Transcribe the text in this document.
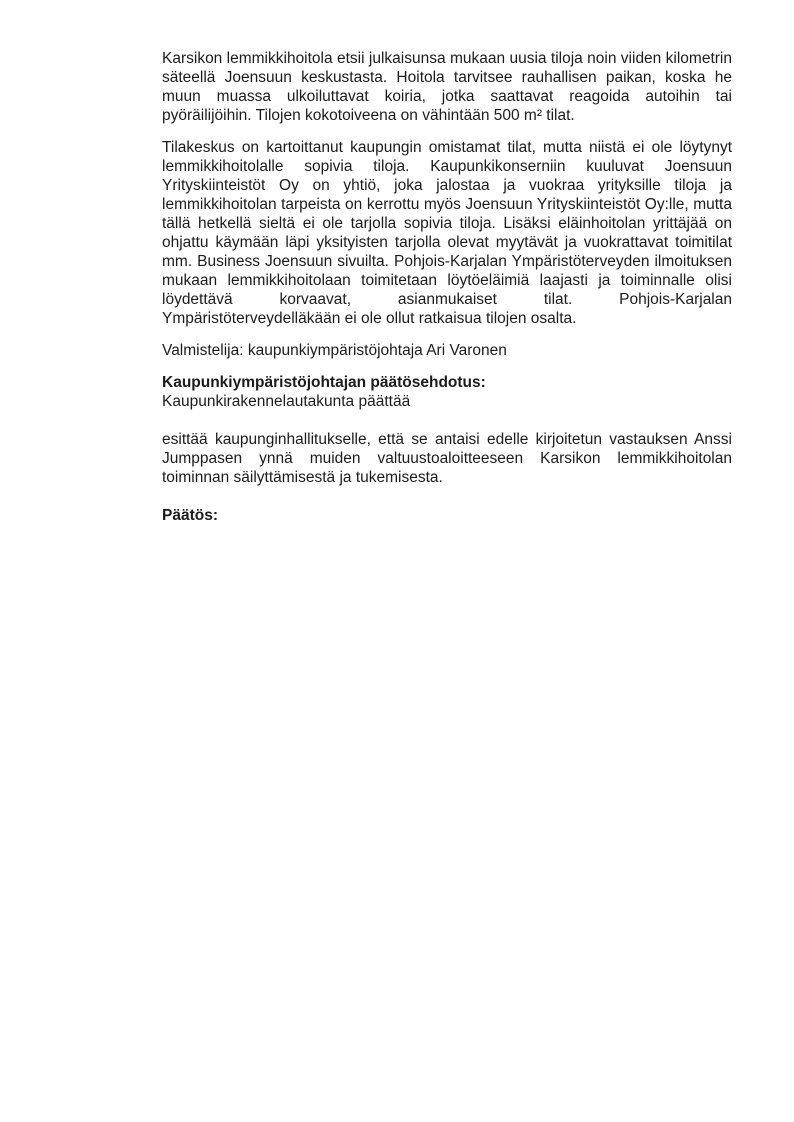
Karsikon lemmikkihoitola etsii julkaisunsa mukaan uusia tiloja noin viiden kilometrin säteellä Joensuun keskustasta. Hoitola tarvitsee rauhallisen paikan, koska he muun muassa ulkoiluttavat koiria, jotka saattavat reagoida autoihin tai pyöräilijöihin. Tilojen kokotoiveena on vähintään 500 m² tilat.

Tilakeskus on kartoittanut kaupungin omistamat tilat, mutta niistä ei ole löytynyt lemmikkihoitolalle sopivia tiloja. Kaupunkikonserniin kuuluvat Joensuun Yrityskiinteistöt Oy on yhtiö, joka jalostaa ja vuokraa yrityksille tiloja ja lemmikkihoitolan tarpeista on kerrottu myös Joensuun Yrityskiinteistöt Oy:lle, mutta tällä hetkellä sieltä ei ole tarjolla sopivia tiloja. Lisäksi eläinhoitolan yrittäjää on ohjattu käymään läpi yksityisten tarjolla olevat myytävät ja vuokrattavat toimitilat mm. Business Joensuun sivuilta. Pohjois-Karjalan Ympäristöterveyden ilmoituksen mukaan lemmikkihoitolaan toimitetaan löytöeläimiä laajasti ja toiminnalle olisi löydettävä korvaavat, asianmukaiset tilat. Pohjois-Karjalan Ympäristöterveydelläkään ei ole ollut ratkaisua tilojen osalta.

Valmistelija: kaupunkiympäristöjohtaja Ari Varonen

Kaupunkiympäristöjohtajan päätösehdotus:
Kaupunkirakennelautakunta päättää

esittää kaupunginhallitukselle, että se antaisi edelle kirjoitetun vastauksen Anssi Jumppasen ynnä muiden valtuustoaloitteeseen Karsikon lemmikkihoitolan toiminnan säilyttämisestä ja tukemisesta.

Päätös:
